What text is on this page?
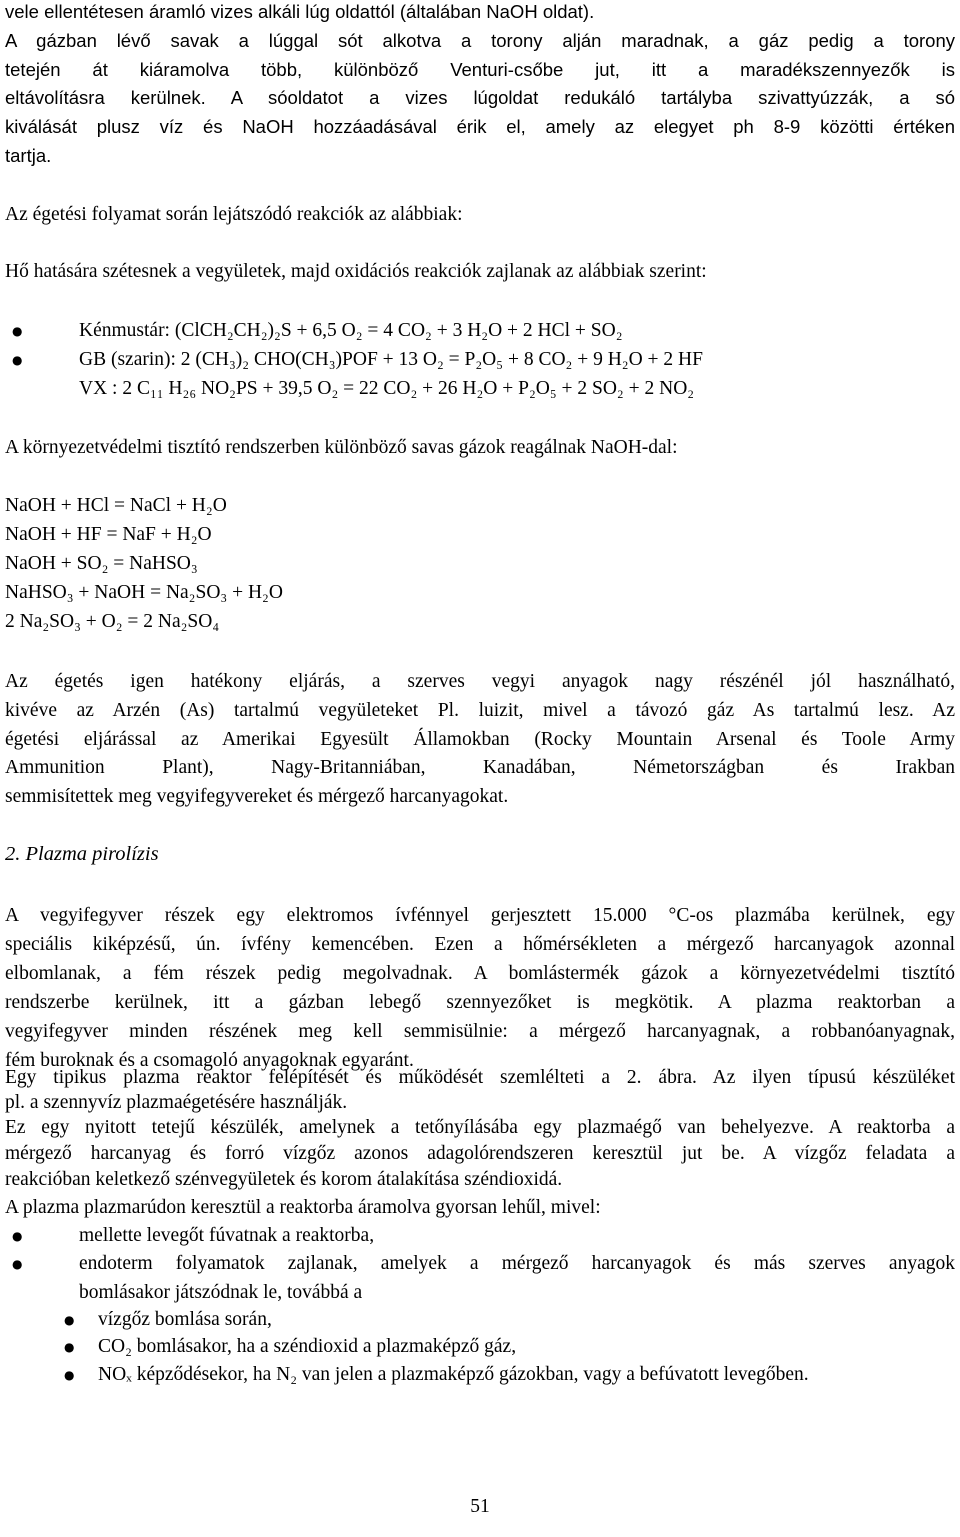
vele ellentétesen áramló vizes alkáli lúg oldattól (általában NaOH oldat).
A gázban lévő savak a lúggal sót alkotva a torony alján maradnak, a gáz pedig a torony
tetején át kiáramolva több, különböző Venturi-csőbe jut, itt a maradékszennyezők is
eltávolításra kerülnek. A sóoldatot a vizes lúgoldat redukáló tartályba szivattyúzzák, a só
kiválását plusz víz és NaOH hozzáadásával érik el, amely az elegyet ph 8-9 közötti értéken
tartja.
Az égetési folyamat során lejátszódó reakciók az alábbiak:
Hő hatására szétesnek a vegyületek, majd oxidációs reakciók zajlanak az alábbiak szerint:
●	Kénmustár: (ClCH₂CH₂)₂S + 6,5 O₂ = 4 CO₂ + 3 H₂O + 2 HCl + SO₂
●	GB (szarin): 2 (CH₃)₂ CHO(CH₃)POF + 13 O₂ = P₂O₅ + 8 CO₂ + 9 H₂O + 2 HF
VX : 2 C₁₁ H₂₆ NO₂PS + 39,5 O₂ = 22 CO₂ + 26 H₂O + P₂O₅ + 2 SO₂ + 2 NO₂
A környezetvédelmi tisztító rendszerben különböző savas gázok reagálnak NaOH-dal:
NaOH + HCl = NaCl + H₂O
NaOH + HF = NaF + H₂O
NaOH + SO₂ = NaHSO₃
NaHSO₃ + NaOH = Na₂SO₃ + H₂O
2 Na₂SO₃ + O₂ = 2 Na₂SO₄
Az égetés igen hatékony eljárás, a szerves vegyi anyagok nagy részénél jól használható,
kivéve az Arzén (As) tartalmú vegyületeket Pl. luizit, mivel a távozó gáz As tartalmú lesz. Az
égetési eljárással az Amerikai Egyesült Államokban (Rocky Mountain Arsenal és Toole Army
Ammunition Plant), Nagy-Britanniában, Kanadában, Németországban és Irakban
semmisítettek meg vegyifegyvereket és mérgező harcanyagokat.
2. Plazma pirolízis
A vegyifegyver részek egy elektromos ívfénnyel gerjesztett 15.000 °C-os plazmába kerülnek, egy
speciális kiképzésű, ún. ívfény kemencében. Ezen a hőmérsékleten a mérgező harcanyagok azonnal
elbomlanak, a fém részek pedig megolvadnak. A bomlástermék gázok a környezetvédelmi tisztító
rendszerbe kerülnek, itt a gázban lebegő szennyezőket is megkötik. A plazma reaktorban a
vegyifegyver minden részének meg kell semmisülnie: a mérgező harcanyagnak, a robbanóanyagnak,
fém buroknak és a csomagoló anyagoknak egyaránt.
Egy tipikus plazma reaktor felépítését és működését szemlélteti a 2. ábra. Az ilyen típusú készüléket
pl. a szennyvíz plazmaégetésére használják.
Ez egy nyitott tetejű készülék, amelynek a tetőnyílásába egy plazmaégő van behelyezve. A reaktorba a
mérgező harcanyag és forró vízgőz azonos adagolórendszeren keresztül jut be. A vízgőz feladata a
reakcióban keletkező szénvegyületek és korom átalakítása széndioxidá.
A plazma plazmarúdon keresztül a reaktorba áramolva gyorsan lehűl, mivel:
●	mellette levegőt fúvatnak a reaktorba,
●	endoterm folyamatok zajlanak, amelyek a mérgező harcanyagok és más szerves anyagok
bomlásakor játszódnak le, továbbá a
● vízgőz bomlása során,
● CO₂ bomlásakor, ha a széndioxid a plazmaképző gáz,
● NOₓ képződésekor, ha N₂ van jelen a plazmaképző gázokban, vagy a befúvatott levegőben.
51
